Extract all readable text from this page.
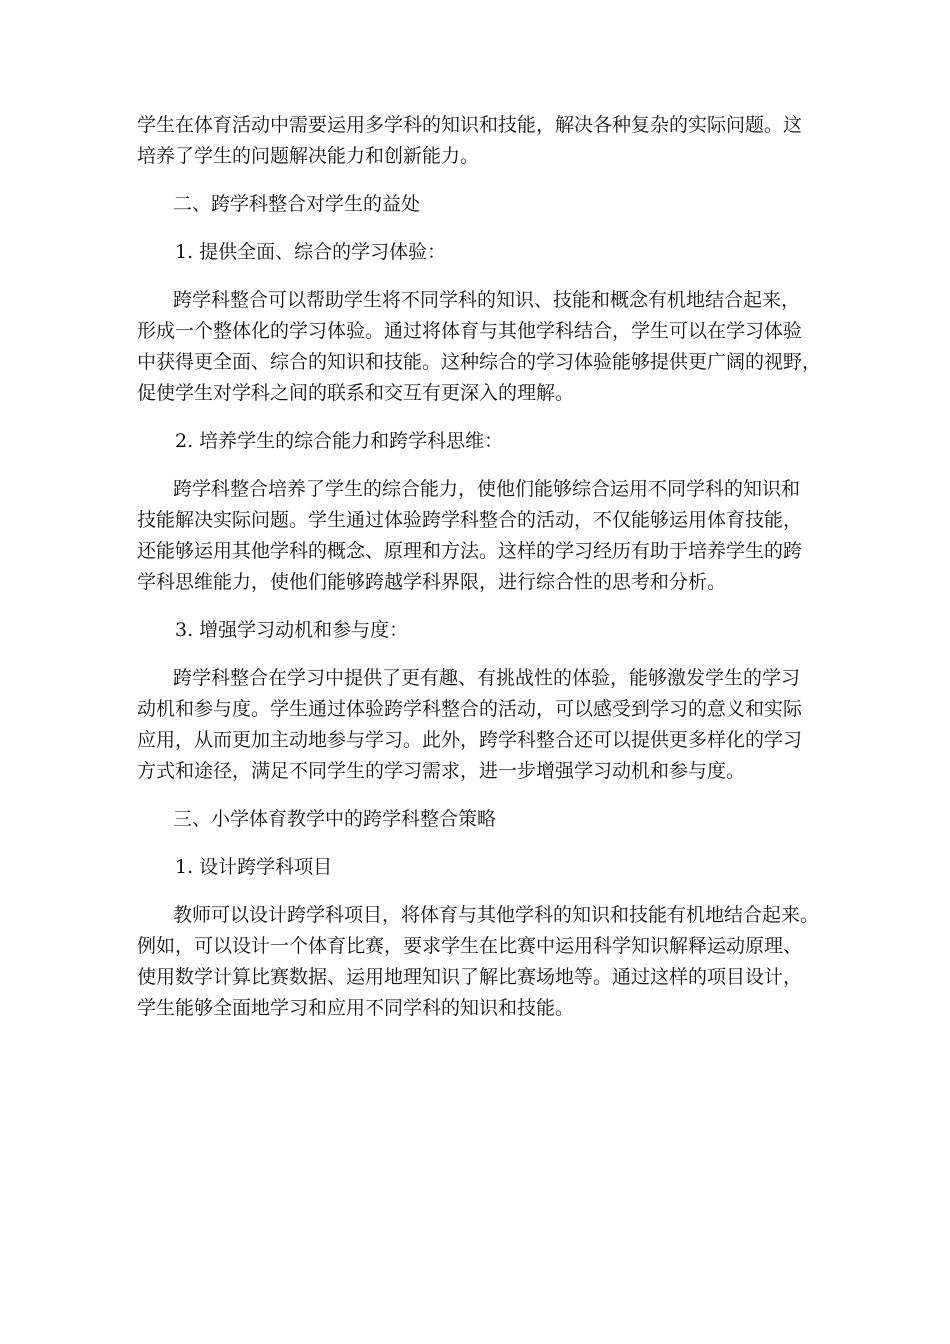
学生在体育活动中需要运用多学科的知识和技能，解决各种复杂的实际问题。这
培养了学生的问题解决能力和创新能力。
二、跨学科整合对学生的益处
1. 提供全面、综合的学习体验：
跨学科整合可以帮助学生将不同学科的知识、技能和概念有机地结合起来，
形成一个整体化的学习体验。通过将体育与其他学科结合，学生可以在学习体验
中获得更全面、综合的知识和技能。这种综合的学习体验能够提供更广阔的视野，
促使学生对学科之间的联系和交互有更深入的理解。
2. 培养学生的综合能力和跨学科思维：
跨学科整合培养了学生的综合能力，使他们能够综合运用不同学科的知识和
技能解决实际问题。学生通过体验跨学科整合的活动，不仅能够运用体育技能，
还能够运用其他学科的概念、原理和方法。这样的学习经历有助于培养学生的跨
学科思维能力，使他们能够跨越学科界限，进行综合性的思考和分析。
3. 增强学习动机和参与度：
跨学科整合在学习中提供了更有趣、有挑战性的体验，能够激发学生的学习
动机和参与度。学生通过体验跨学科整合的活动，可以感受到学习的意义和实际
应用，从而更加主动地参与学习。此外，跨学科整合还可以提供更多样化的学习
方式和途径，满足不同学生的学习需求，进一步增强学习动机和参与度。
三、小学体育教学中的跨学科整合策略
1. 设计跨学科项目
教师可以设计跨学科项目，将体育与其他学科的知识和技能有机地结合起来。
例如，可以设计一个体育比赛，要求学生在比赛中运用科学知识解释运动原理、
使用数学计算比赛数据、运用地理知识了解比赛场地等。通过这样的项目设计，
学生能够全面地学习和应用不同学科的知识和技能。
